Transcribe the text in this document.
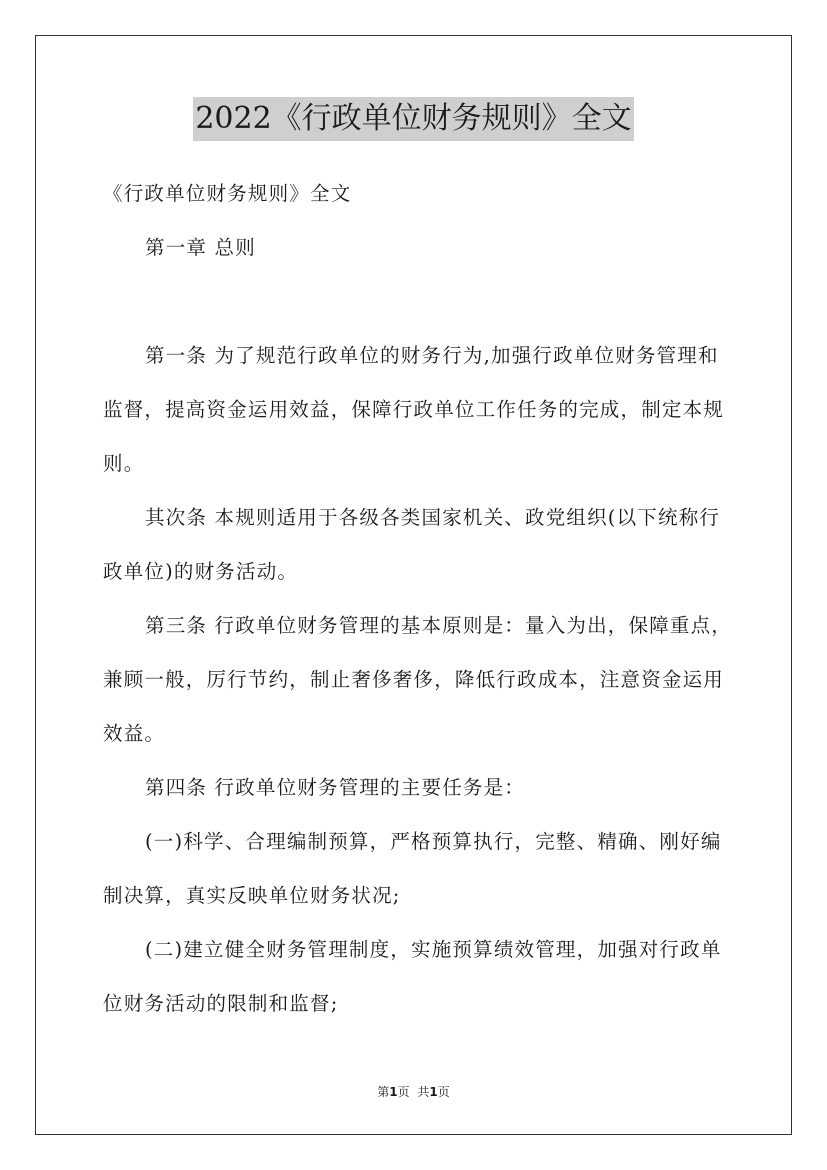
2022《行政单位财务规则》全文
《行政单位财务规则》全文
第一章 总则
第一条 为了规范行政单位的财务行为,加强行政单位财务管理和
监督，提高资金运用效益，保障行政单位工作任务的完成，制定本规
则。
其次条 本规则适用于各级各类国家机关、政党组织(以下统称行
政单位)的财务活动。
第三条 行政单位财务管理的基本原则是：量入为出，保障重点，
兼顾一般，厉行节约，制止奢侈奢侈，降低行政成本，注意资金运用
效益。
第四条 行政单位财务管理的主要任务是：
(一)科学、合理编制预算，严格预算执行，完整、精确、刚好编
制决算，真实反映单位财务状况;
(二)建立健全财务管理制度，实施预算绩效管理，加强对行政单
位财务活动的限制和监督;
第1页 共1页
